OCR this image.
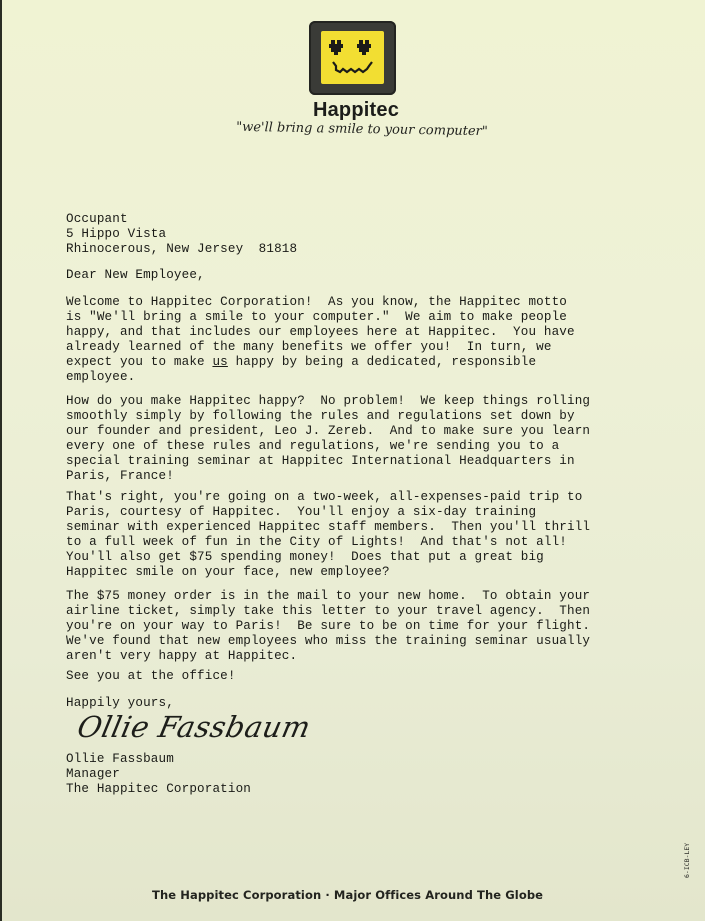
Happitec
"we'll bring a smile to your computer"
Occupant
5 Hippo Vista
Rhinocerous, New Jersey  81818
Dear New Employee,
Welcome to Happitec Corporation!  As you know, the Happitec motto
is "We'll bring a smile to your computer."  We aim to make people
happy, and that includes our employees here at Happitec.  You have
already learned of the many benefits we offer you!  In turn, we
expect you to make us happy by being a dedicated, responsible
employee.
How do you make Happitec happy?  No problem!  We keep things rolling
smoothly simply by following the rules and regulations set down by
our founder and president, Leo J. Zereb.  And to make sure you learn
every one of these rules and regulations, we're sending you to a
special training seminar at Happitec International Headquarters in
Paris, France!
That's right, you're going on a two-week, all-expenses-paid trip to
Paris, courtesy of Happitec.  You'll enjoy a six-day training
seminar with experienced Happitec staff members.  Then you'll thrill
to a full week of fun in the City of Lights!  And that's not all!
You'll also get $75 spending money!  Does that put a great big
Happitec smile on your face, new employee?
The $75 money order is in the mail to your new home.  To obtain your
airline ticket, simply take this letter to your travel agency.  Then
you're on your way to Paris!  Be sure to be on time for your flight.
We've found that new employees who miss the training seminar usually
aren't very happy at Happitec.
See you at the office!
Happily yours,
Ollie Fassbaum
Ollie Fassbaum
Manager
The Happitec Corporation
The Happitec Corporation · Major Offices Around The Globe
6-ICB-LEY
